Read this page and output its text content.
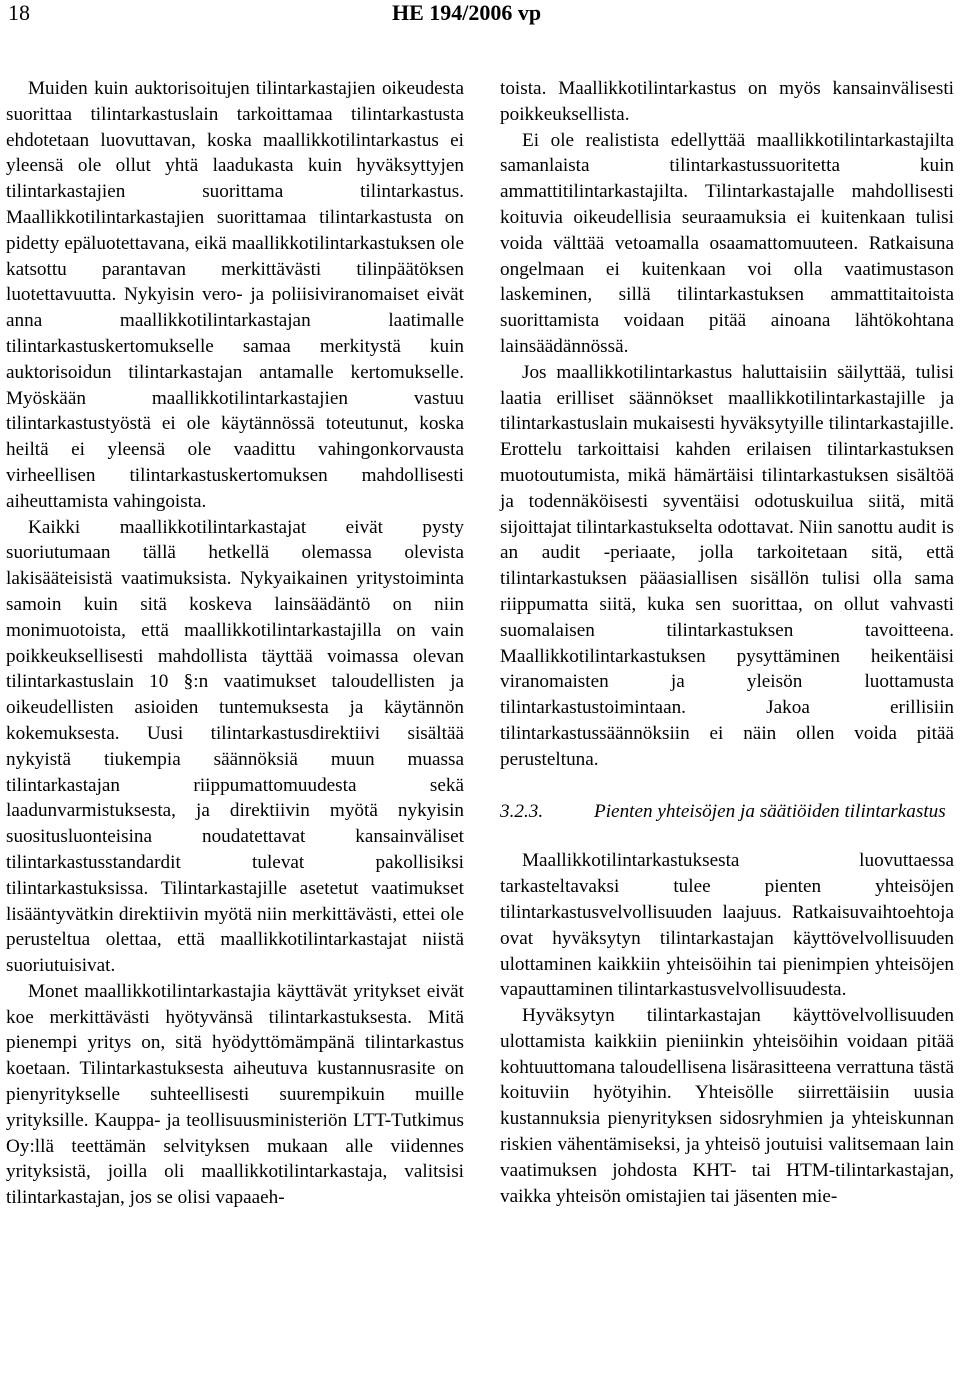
18	HE 194/2006 vp

Muiden kuin auktorisoitujen tilintarkastajien oikeudesta suorittaa tilintarkastuslain tarkoittamaa tilintarkastusta ehdotetaan luovuttavan, koska maallikkotilintarkastus ei yleensä ole ollut yhtä laadukasta kuin hyväksyttyjen tilintarkastajien suorittama tilintarkastus. Maallikkotilintarkastajien suorittamaa tilintarkastusta on pidetty epäluotettavana, eikä maallikkotilintarkastuksen ole katsottu parantavan merkittävästi tilinpäätöksen luotettavuutta. Nykyisin vero- ja poliisiviranomaiset eivät anna maallikkotilintarkastajan laatimalle tilintarkastuskertomukselle samaa merkitystä kuin auktorisoidun tilintarkastajan antamalle kertomukselle. Myöskään maallikkotilintarkastajien vastuu tilintarkastustyöstä ei ole käytännössä toteutunut, koska heiltä ei yleensä ole vaadittu vahingonkorvausta virheellisen tilintarkastuskertomuksen mahdollisesti aiheuttamista vahingoista.

Kaikki maallikkotilintarkastajat eivät pysty suoriutumaan tällä hetkellä olemassa olevista lakisääteisistä vaatimuksista. Nykyaikainen yritystoiminta samoin kuin sitä koskeva lainsäädäntö on niin monimuotoista, että maallikkotilintarkastajilla on vain poikkeuksellisesti mahdollista täyttää voimassa olevan tilintarkastuslain 10 §:n vaatimukset taloudellisten ja oikeudellisten asioiden tuntemuksesta ja käytännön kokemuksesta. Uusi tilintarkastusdirektiivi sisältää nykyistä tiukempia säännöksiä muun muassa tilintarkastajan riippumattomuudesta sekä laadunvarmistuksesta, ja direktiivin myötä nykyisin suositusluonteisina noudatettavat kansainväliset tilintarkastusstandardit tulevat pakollisiksi tilintarkastuksissa. Tilintarkastajille asetetut vaatimukset lisääntyvätkin direktiivin myötä niin merkittävästi, ettei ole perusteltua olettaa, että maallikkotilintarkastajat niistä suoriutuisivat.

Monet maallikkotilintarkastajia käyttävät yritykset eivät koe merkittävästi hyötyvänsä tilintarkastuksesta. Mitä pienempi yritys on, sitä hyödyttömämpänä tilintarkastus koetaan. Tilintarkastuksesta aiheutuva kustannusrasite on pienyritykselle suhteellisesti suurempikuin muille yrityksille. Kauppa- ja teollisuusministeriön LTT-Tutkimus Oy:llä teettämän selvityksen mukaan alle viidennes yrityksistä, joilla oli maallikkotilintarkastaja, valitsisi tilintarkastajan, jos se olisi vapaaeh-

toista. Maallikkotilintarkastus on myös kansainvälisesti poikkeuksellista.

Ei ole realistista edellyttää maallikkotilintarkastajilta samanlaista tilintarkastussuoritetta kuin ammattitilintarkastajilta. Tilintarkastajalle mahdollisesti koituvia oikeudellisia seuraamuksia ei kuitenkaan tulisi voida välttää vetoamalla osaamattomuuteen. Ratkaisuna ongelmaan ei kuitenkaan voi olla vaatimustason laskeminen, sillä tilintarkastuksen ammattitaitoista suorittamista voidaan pitää ainoana lähtökohtana lainsäädännössä.

Jos maallikkotilintarkastus haluttaisiin säilyttää, tulisi laatia erilliset säännökset maallikkotilintarkastajille ja tilintarkastuslain mukaisesti hyväksytyille tilintarkastajille. Erottelu tarkoittaisi kahden erilaisen tilintarkastuksen muotoutumista, mikä hämärtäisi tilintarkastuksen sisältöä ja todennäköisesti syventäisi odotuskuilua siitä, mitä sijoittajat tilintarkastukselta odottavat. Niin sanottu audit is an audit -periaate, jolla tarkoitetaan sitä, että tilintarkastuksen pääasiallisen sisällön tulisi olla sama riippumatta siitä, kuka sen suorittaa, on ollut vahvasti suomalaisen tilintarkastuksen tavoitteena. Maallikkotilintarkastuksen pysyttäminen heikentäisi viranomaisten ja yleisön luottamusta tilintarkastustoimintaan. Jakoa erillisiin tilintarkastussäännöksiin ei näin ollen voida pitää perusteltuna.

3.2.3.	Pienten yhteisöjen ja säätiöiden tilintarkastus

Maallikkotilintarkastuksesta luovuttaessa tarkasteltavaksi tulee pienten yhteisöjen tilintarkastusvelvollisuuden laajuus. Ratkaisuvaihtoehtoja ovat hyväksytyn tilintarkastajan käyttövelvollisuuden ulottaminen kaikkiin yhteisöihin tai pienimpien yhteisöjen vapauttaminen tilintarkastusvelvollisuudesta.

Hyväksytyn tilintarkastajan käyttövelvollisuuden ulottamista kaikkiin pieniinkin yhteisöihin voidaan pitää kohtuuttomana taloudellisena lisärasitteena verrattuna tästä koituviin hyötyihin. Yhteisölle siirrettäisiin uusia kustannuksia pienyrityksen sidosryhmien ja yhteiskunnan riskien vähentämiseksi, ja yhteisö joutuisi valitsemaan lain vaatimuksen johdosta KHT- tai HTM-tilintarkastajan, vaikka yhteisön omistajien tai jäsenten mie-
